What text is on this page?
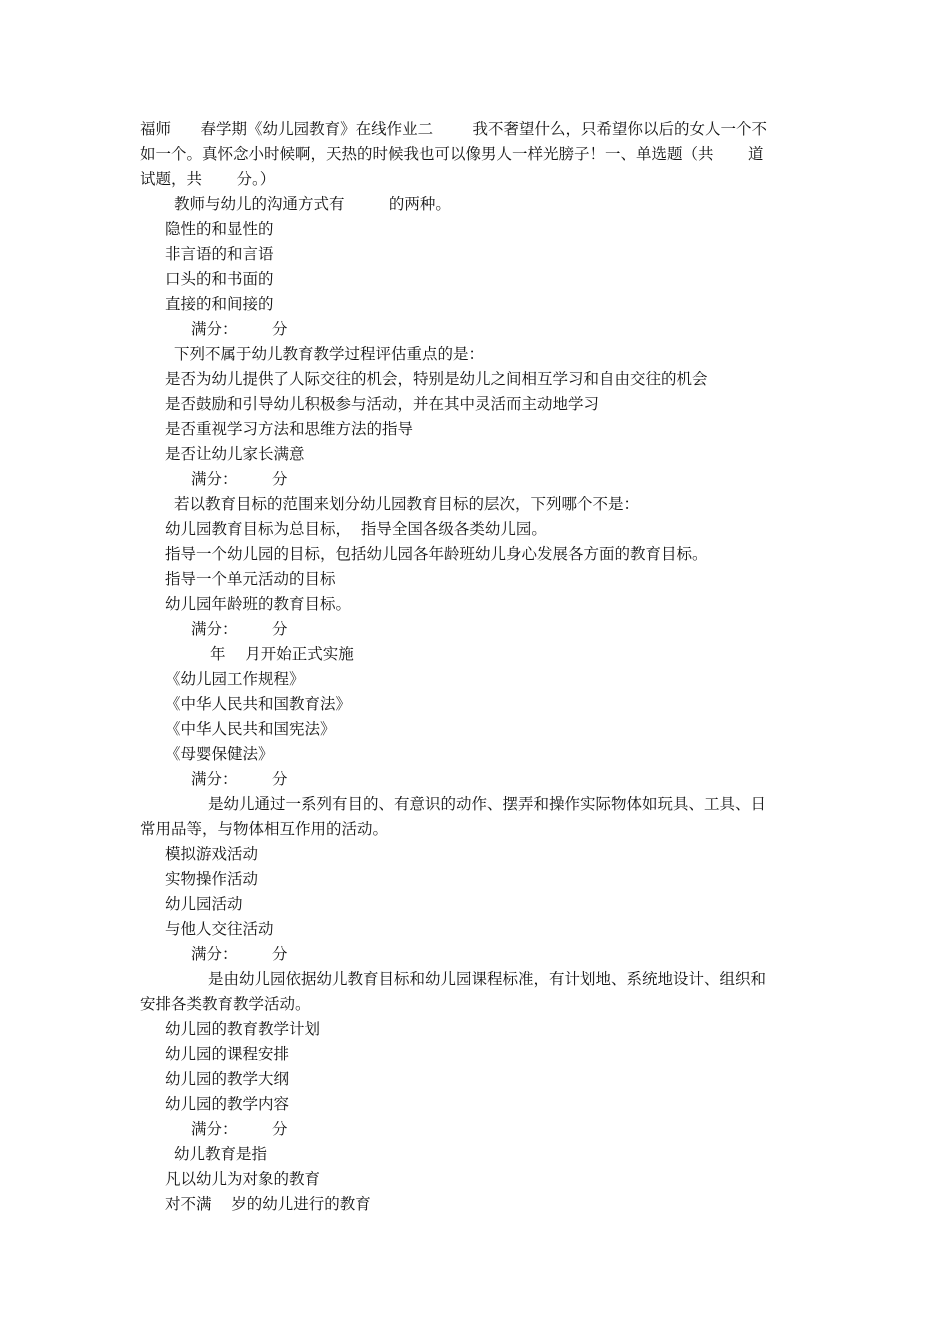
福师      春学期《幼儿园教育》在线作业二        我不奢望什么，只希望你以后的女人一个不
如一个。真怀念小时候啊，天热的时候我也可以像男人一样光膀子！一、单选题（共       道
试题，共       分。）
教师与幼儿的沟通方式有         的两种。
隐性的和显性的
非言语的和言语
口头的和书面的
直接的和间接的
满分：       分
下列不属于幼儿教育教学过程评估重点的是：
是否为幼儿提供了人际交往的机会，特别是幼儿之间相互学习和自由交往的机会
是否鼓励和引导幼儿积极参与活动，并在其中灵活而主动地学习
是否重视学习方法和思维方法的指导
是否让幼儿家长满意
满分：       分
若以教育目标的范围来划分幼儿园教育目标的层次，下列哪个不是：
幼儿园教育目标为总目标，  指导全国各级各类幼儿园。
指导一个幼儿园的目标，包括幼儿园各年龄班幼儿身心发展各方面的教育目标。
指导一个单元活动的目标
幼儿园年龄班的教育目标。
满分：       分
年    月开始正式实施
《幼儿园工作规程》
《中华人民共和国教育法》
《中华人民共和国宪法》
《母婴保健法》
满分：       分
是幼儿通过一系列有目的、有意识的动作、摆弄和操作实际物体如玩具、工具、日
常用品等，与物体相互作用的活动。
模拟游戏活动
实物操作活动
幼儿园活动
与他人交往活动
满分：       分
是由幼儿园依据幼儿教育目标和幼儿园课程标准，有计划地、系统地设计、组织和
安排各类教育教学活动。
幼儿园的教育教学计划
幼儿园的课程安排
幼儿园的教学大纲
幼儿园的教学内容
满分：       分
幼儿教育是指
凡以幼儿为对象的教育
对不满    岁的幼儿进行的教育
